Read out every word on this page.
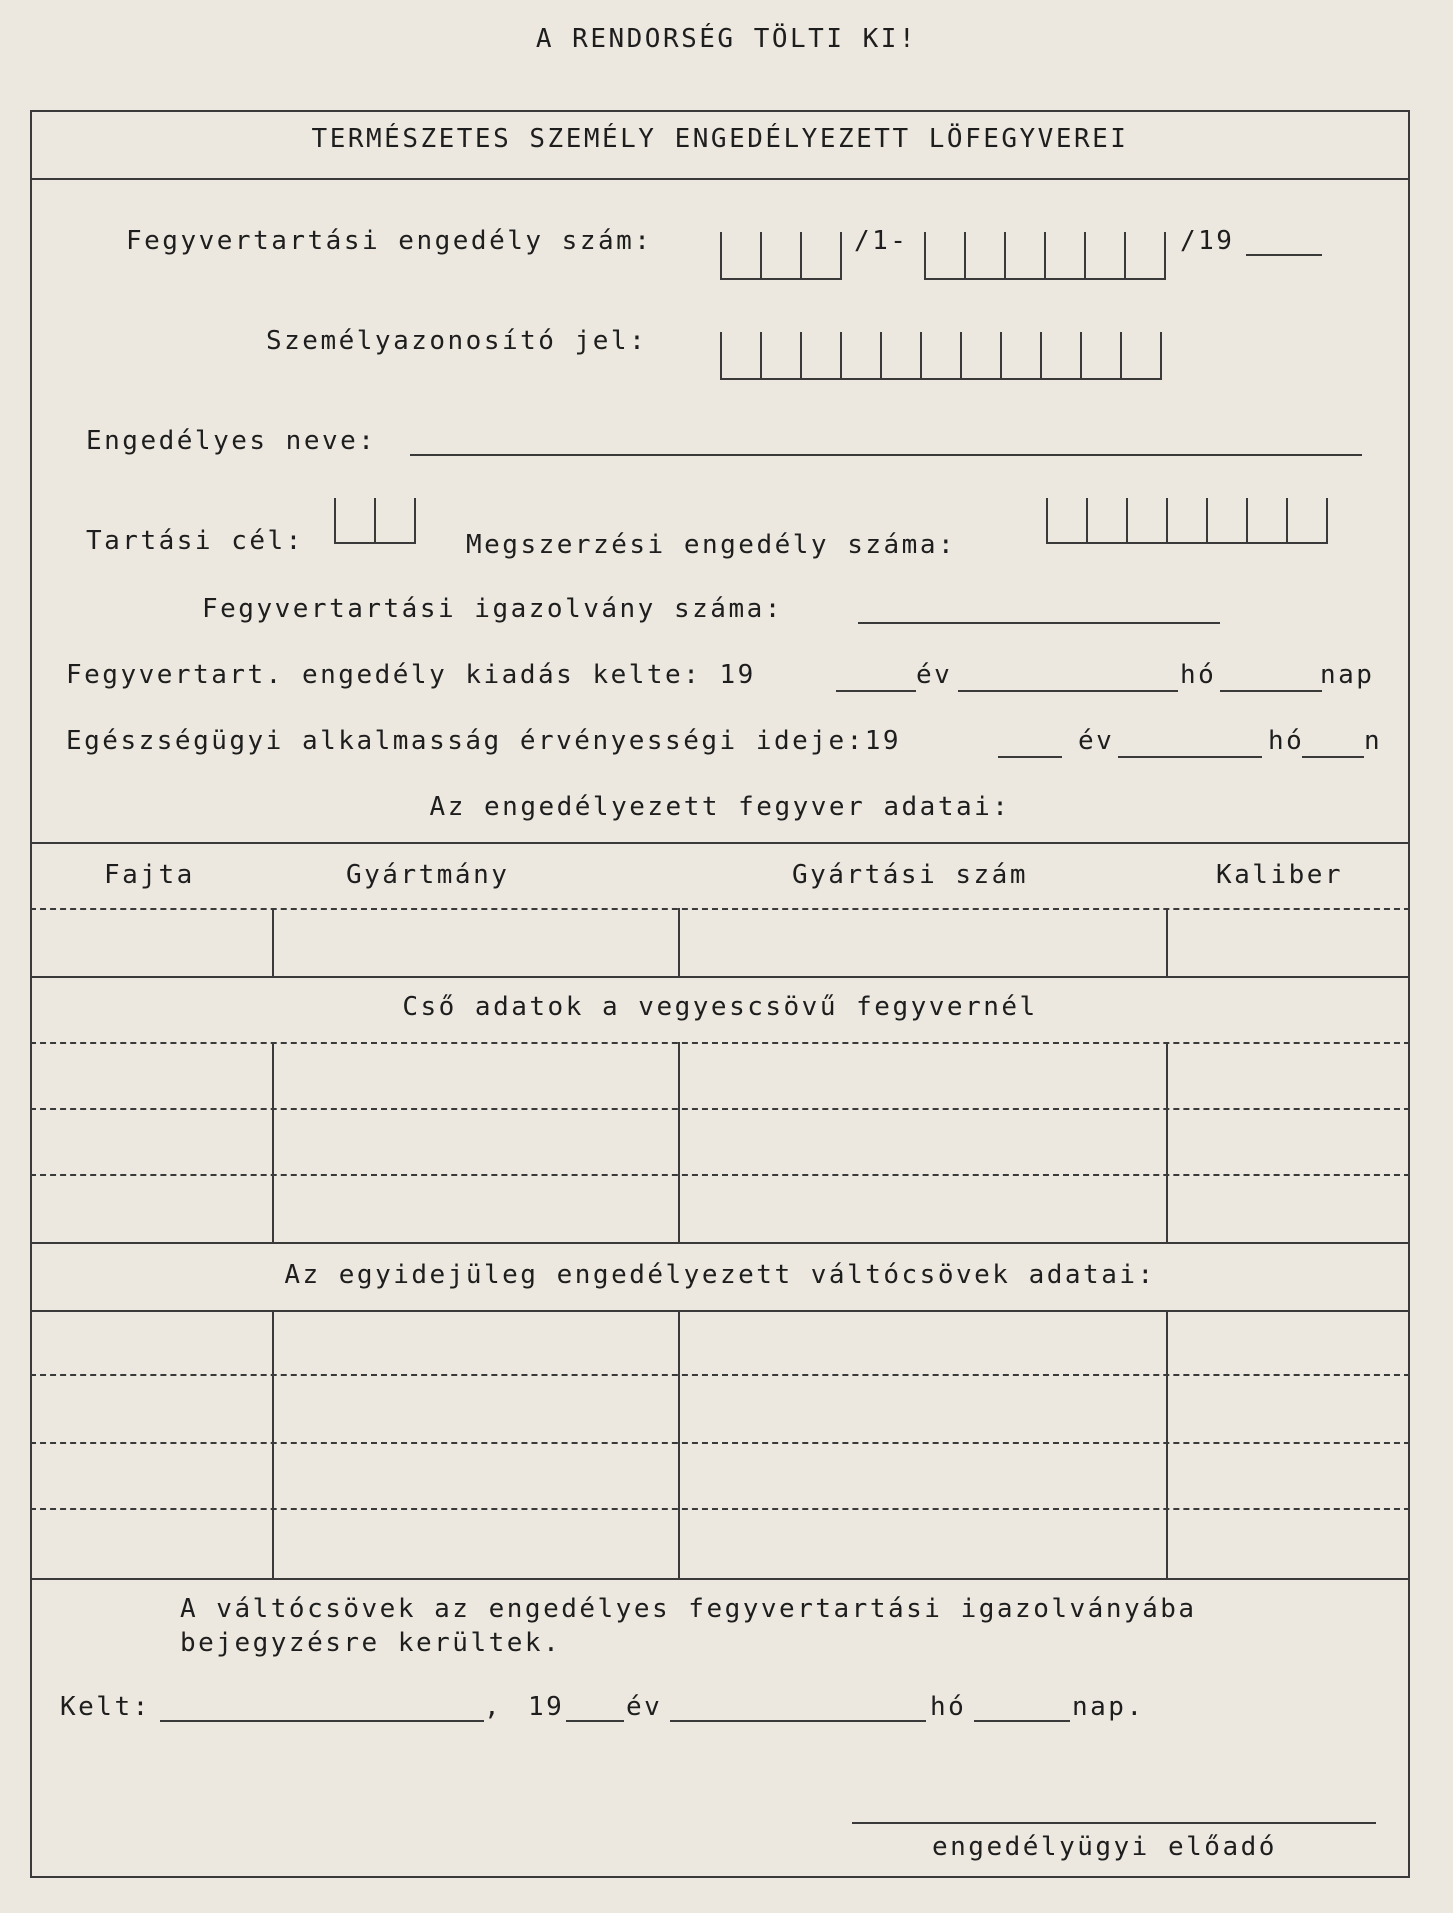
A RENDORSÉG TÖLTI KI!
TERMÉSZETES SZEMÉLY ENGEDÉLYEZETT LÖFEGYVEREI
Fegyvertartási engedély szám:	/1-	/19
Személyazonosító jel:
Engedélyes neve:
Tartási cél:	Megszerzési engedély száma:
Fegyvertartási igazolvány száma:
Fegyvertart. engedély kiadás kelte: 19	év	hó	nap
Egészségügyi alkalmasság érvényességi ideje:19	év	hó n
Az engedélyezett fegyver adatai:
Fajta	Gyártmány	Gyártási szám	Kaliber
Cső adatok a vegyescsövű fegyvernél
Az egyidejüleg engedélyezett váltócsövek adatai:
A váltócsövek az engedélyes fegyvertartási igazolványába
bejegyzésre kerültek.
Kelt:	, 19 év	hó	nap.
engedélyügyi előadó
